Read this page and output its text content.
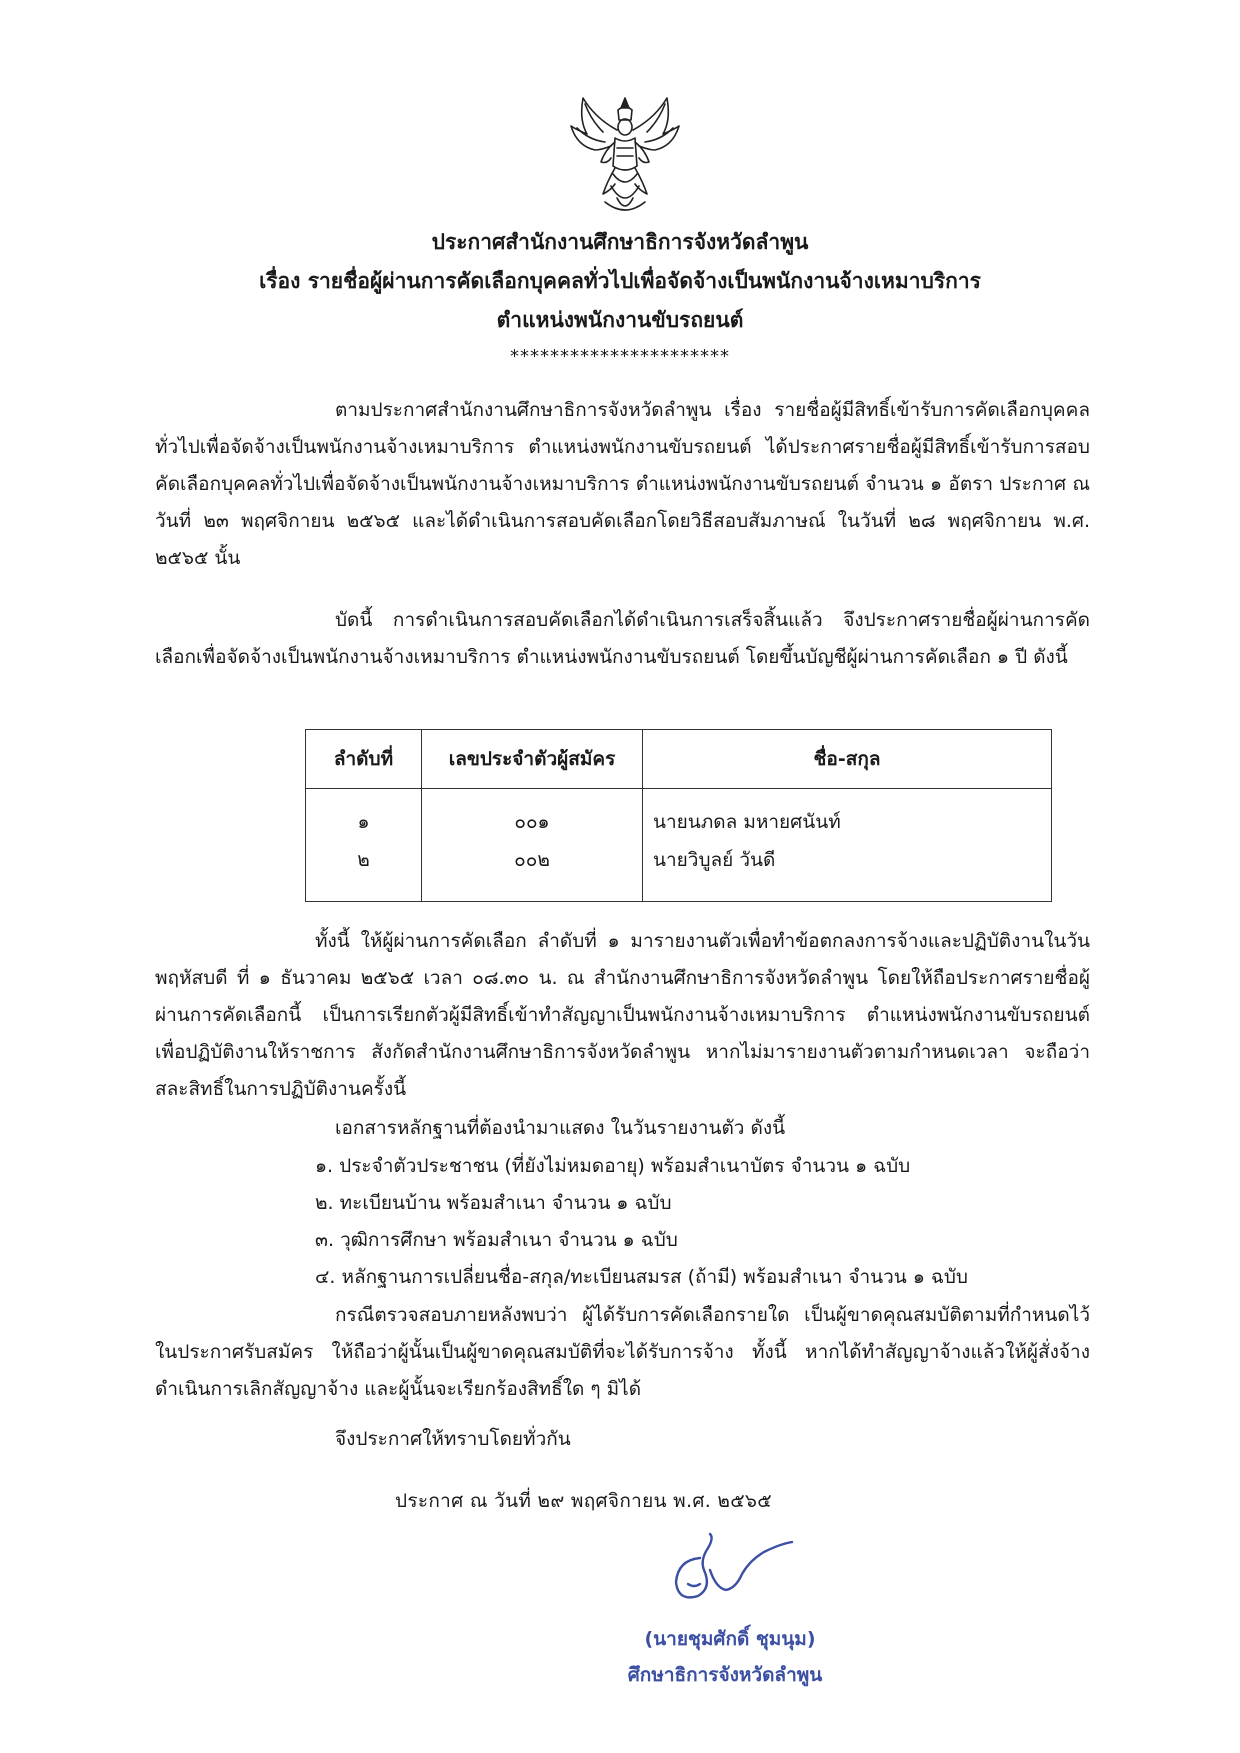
ประกาศสำนักงานศึกษาธิการจังหวัดลำพูน
เรื่อง รายชื่อผู้ผ่านการคัดเลือกบุคคลทั่วไปเพื่อจัดจ้างเป็นพนักงานจ้างเหมาบริการ
ตำแหน่งพนักงานขับรถยนต์
**********************
ตามประกาศสำนักงานศึกษาธิการจังหวัดลำพูน เรื่อง รายชื่อผู้มีสิทธิ์เข้ารับการคัดเลือกบุคคลทั่วไปเพื่อจัดจ้างเป็นพนักงานจ้างเหมาบริการ ตำแหน่งพนักงานขับรถยนต์ ได้ประกาศรายชื่อผู้มีสิทธิ์เข้ารับการสอบคัดเลือกบุคคลทั่วไปเพื่อจัดจ้างเป็นพนักงานจ้างเหมาบริการ ตำแหน่งพนักงานขับรถยนต์ จำนวน ๑ อัตรา ประกาศ ณ วันที่ ๒๓ พฤศจิกายน ๒๕๖๕ และได้ดำเนินการสอบคัดเลือกโดยวิธีสอบสัมภาษณ์ ในวันที่ ๒๘ พฤศจิกายน พ.ศ. ๒๕๖๕ นั้น
บัดนี้ การดำเนินการสอบคัดเลือกได้ดำเนินการเสร็จสิ้นแล้ว จึงประกาศรายชื่อผู้ผ่านการคัดเลือกเพื่อจัดจ้างเป็นพนักงานจ้างเหมาบริการ ตำแหน่งพนักงานขับรถยนต์ โดยขึ้นบัญชีผู้ผ่านการคัดเลือก ๑ ปี ดังนี้
ลำดับที่	เลขประจำตัวผู้สมัคร	ชื่อ-สกุล
๑	๐๐๑	นายนภดล มหายศนันท์
๒	๐๐๒	นายวิบูลย์ วันดี
ทั้งนี้ ให้ผู้ผ่านการคัดเลือก ลำดับที่ ๑ มารายงานตัวเพื่อทำข้อตกลงการจ้างและปฏิบัติงานในวันพฤหัสบดี ที่ ๑ ธันวาคม ๒๕๖๕ เวลา ๐๘.๓๐ น. ณ สำนักงานศึกษาธิการจังหวัดลำพูน โดยให้ถือประกาศรายชื่อผู้ผ่านการคัดเลือกนี้ เป็นการเรียกตัวผู้มีสิทธิ์เข้าทำสัญญาเป็นพนักงานจ้างเหมาบริการ ตำแหน่งพนักงานขับรถยนต์ เพื่อปฏิบัติงานให้ราชการ สังกัดสำนักงานศึกษาธิการจังหวัดลำพูน หากไม่มารายงานตัวตามกำหนดเวลา จะถือว่าสละสิทธิ์ในการปฏิบัติงานครั้งนี้
เอกสารหลักฐานที่ต้องนำมาแสดง ในวันรายงานตัว ดังนี้
๑. ประจำตัวประชาชน (ที่ยังไม่หมดอายุ) พร้อมสำเนาบัตร จำนวน ๑ ฉบับ
๒. ทะเบียนบ้าน พร้อมสำเนา จำนวน ๑ ฉบับ
๓. วุฒิการศึกษา พร้อมสำเนา จำนวน ๑ ฉบับ
๔. หลักฐานการเปลี่ยนชื่อ-สกุล/ทะเบียนสมรส (ถ้ามี) พร้อมสำเนา จำนวน ๑ ฉบับ
กรณีตรวจสอบภายหลังพบว่า ผู้ได้รับการคัดเลือกรายใด เป็นผู้ขาดคุณสมบัติตามที่กำหนดไว้ในประกาศรับสมัคร ให้ถือว่าผู้นั้นเป็นผู้ขาดคุณสมบัติที่จะได้รับการจ้าง ทั้งนี้ หากได้ทำสัญญาจ้างแล้วให้ผู้สั่งจ้าง ดำเนินการเลิกสัญญาจ้าง และผู้นั้นจะเรียกร้องสิทธิ์ใด ๆ มิได้
จึงประกาศให้ทราบโดยทั่วกัน
ประกาศ ณ วันที่ ๒๙ พฤศจิกายน พ.ศ. ๒๕๖๕
(นายชุมศักดิ์ ชุมนุม)
ศึกษาธิการจังหวัดลำพูน
